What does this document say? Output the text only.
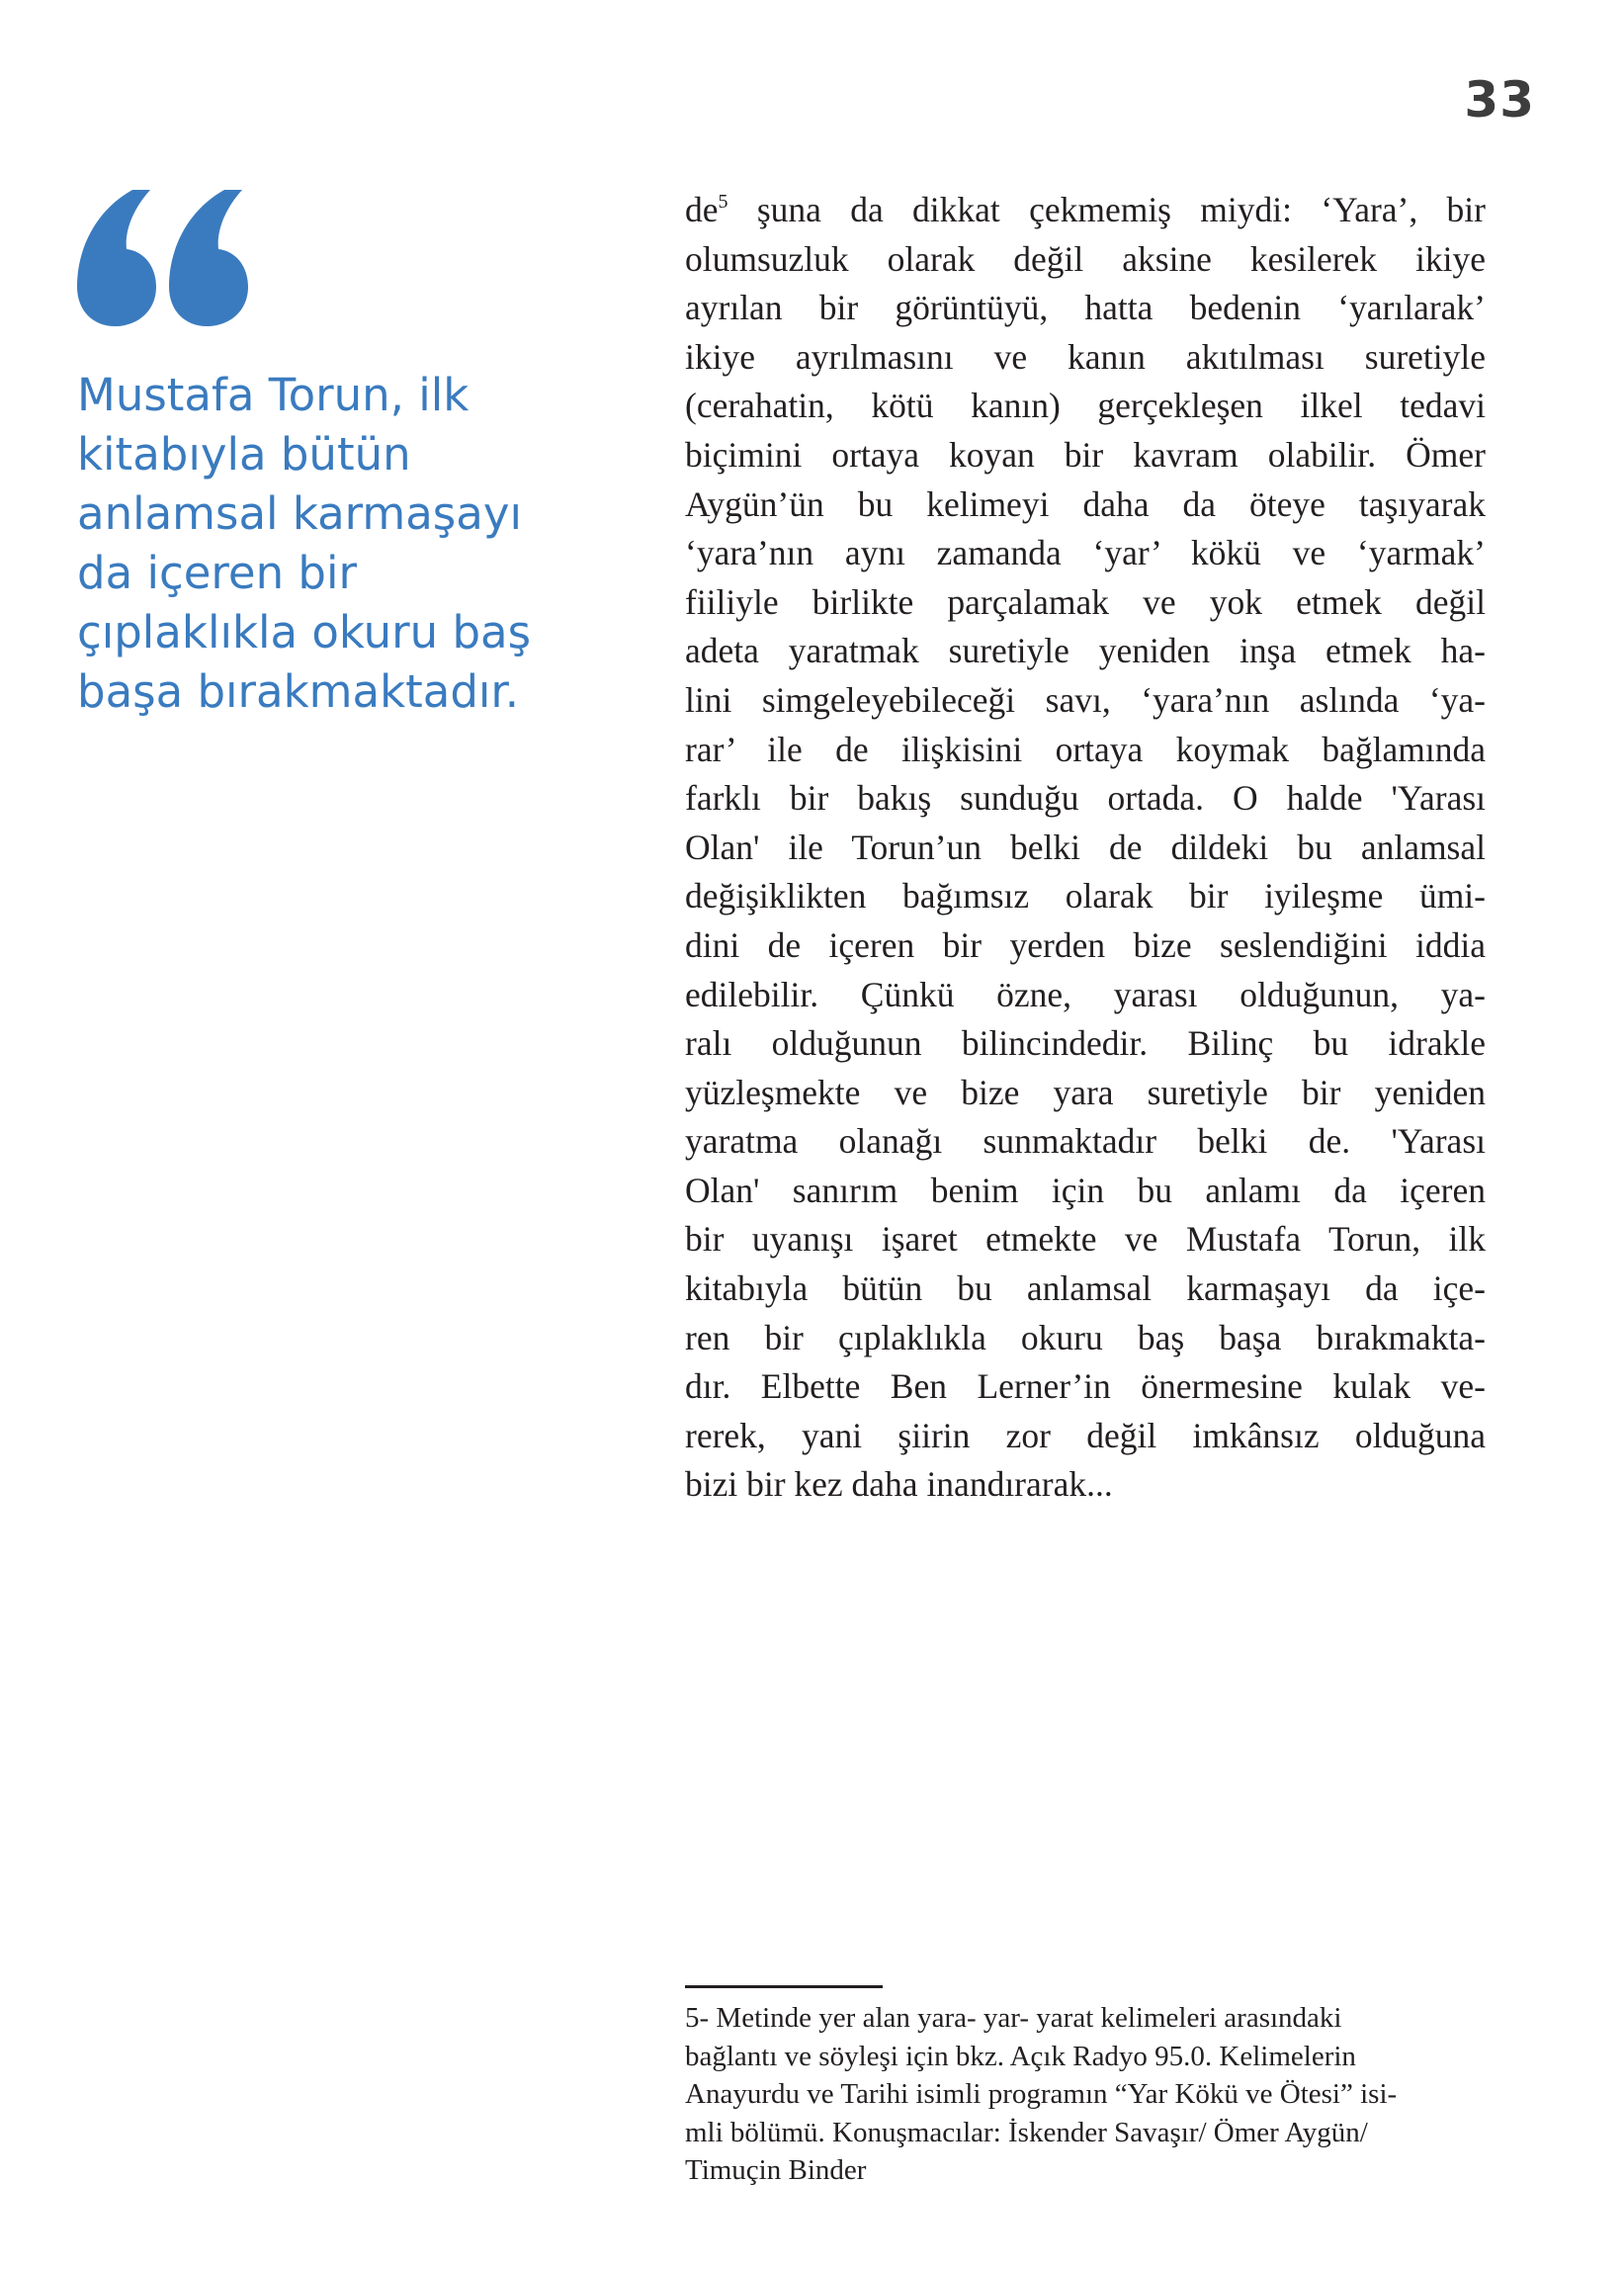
33
Mustafa Torun, ilk
kitabıyla bütün
anlamsal karmaşayı
da içeren bir
çıplaklıkla okuru baş
başa bırakmaktadır.
$de^5$ şuna da dikkat çekmemiş miydi: ‘Yara’, bir
olumsuzluk olarak değil aksine kesilerek ikiye
ayrılan bir görüntüyü, hatta bedenin ‘yarılarak’
ikiye ayrılmasını ve kanın akıtılması suretiyle
(cerahatin, kötü kanın) gerçekleşen ilkel tedavi
biçimini ortaya koyan bir kavram olabilir. Ömer
Aygün’ün bu kelimeyi daha da öteye taşıyarak
‘yara’nın aynı zamanda ‘yar’ kökü ve ‘yarmak’
fiiliyle birlikte parçalamak ve yok etmek değil
adeta yaratmak suretiyle yeniden inşa etmek ha-
lini simgeleyebileceği savı, ‘yara’nın aslında ‘ya-
rar’ ile de ilişkisini ortaya koymak bağlamında
farklı bir bakış sunduğu ortada. O halde 'Yarası
Olan' ile Torun’un belki de dildeki bu anlamsal
değişiklikten bağımsız olarak bir iyileşme ümi-
dini de içeren bir yerden bize seslendiğini iddia
edilebilir. Çünkü özne, yarası olduğunun, ya-
ralı olduğunun bilincindedir. Bilinç bu idrakle
yüzleşmekte ve bize yara suretiyle bir yeniden
yaratma olanağı sunmaktadır belki de. 'Yarası
Olan' sanırım benim için bu anlamı da içeren
bir uyanışı işaret etmekte ve Mustafa Torun, ilk
kitabıyla bütün bu anlamsal karmaşayı da içe-
ren bir çıplaklıkla okuru baş başa bırakmakta-
dır. Elbette Ben Lerner’in önermesine kulak ve-
rerek, yani şiirin zor değil imkânsız olduğuna
bizi bir kez daha inandırarak...
5- Metinde yer alan yara- yar- yarat kelimeleri arasındaki
bağlantı ve söyleşi için bkz. Açık Radyo 95.0. Kelimelerin
Anayurdu ve Tarihi isimli programın “Yar Kökü ve Ötesi” isi-
mli bölümü. Konuşmacılar: İskender Savaşır/ Ömer Aygün/
Timuçin Binder
